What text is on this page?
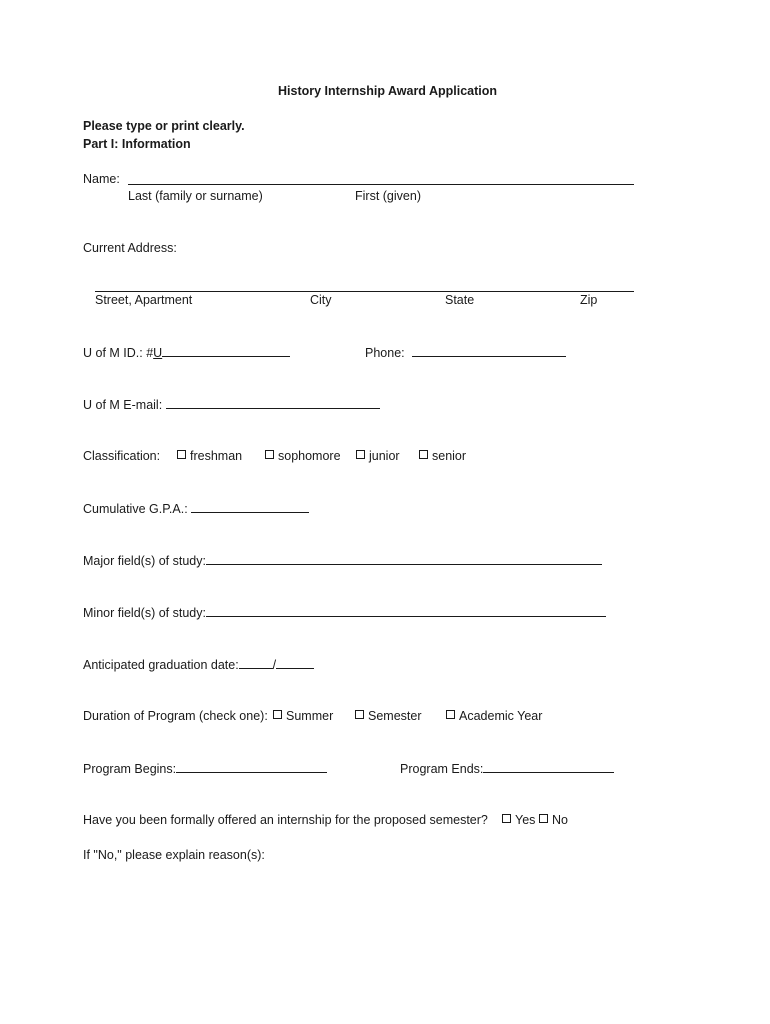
History Internship Award Application
Please type or print clearly.
Part I: Information
Name:
Last (family or surname)	First (given)
Current Address:
Street, Apartment	City	State	Zip
U of M ID.: #U	Phone:
U of M E-mail:
Classification:	freshman	sophomore	junior	senior
Cumulative G.P.A.:
Major field(s) of study:
Minor field(s) of study:
Anticipated graduation date:	/
Duration of Program (check one):	Summer	Semester	Academic Year
Program Begins:	Program Ends:
Have you been formally offered an internship for the proposed semester?	Yes	No
If "No," please explain reason(s):
